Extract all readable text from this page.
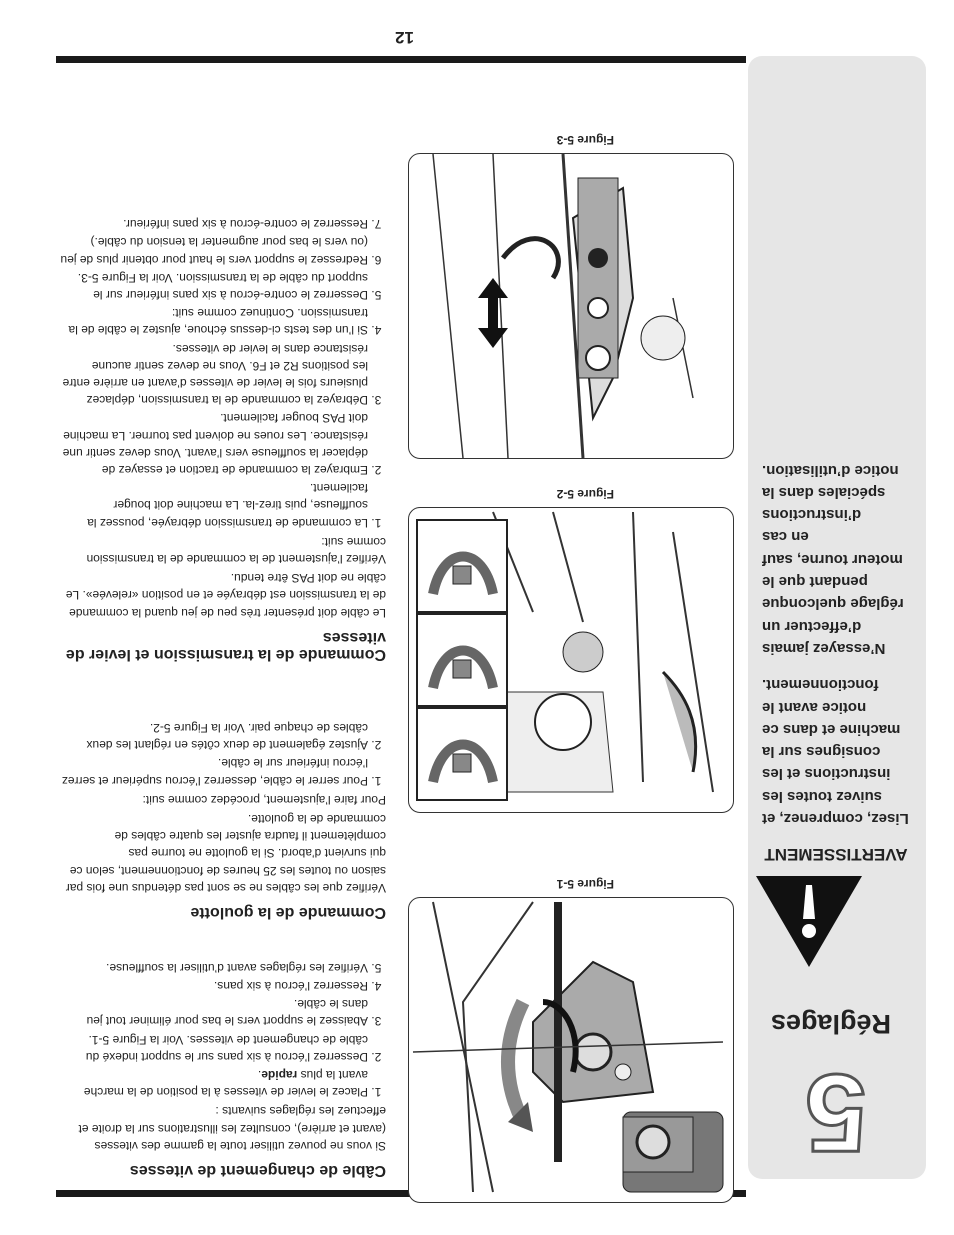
5
Réglages
AVERTISSEMENT

Lisez, comprenez, et suivez toutes les instructions et les consignes sur la machine et dans ce notice avant le fonctionnement.

N’essayez jamais d’effectuer un réglage quelconque pendant que le moteur tourne, sauf en cas d’instructions spéciales dans la notice d’utilisation.

Figure 5-1
Figure 5-2
Figure 5-3
Câble de changement de vitesses

Si vous ne pouvez utiliser toute la gamme des vitesses (avant et arrière), consultez les illustrations sur la droite et effectuez les réglages suivants :

1. Placez le levier de vitesses à la position de la marche avant la plus rapide.
2. Desserrez l’écrou à six pans sur le support indexé du câble de changement de vitesses. Voir la Figure 5-1.
3. Abaissez le support vers le bas pour éliminer tout jeu dans le câble.
4. Resserrez l’écrou à six pans.
5. Vérifiez les réglages avant d’utiliser la souffleuse.
Commande de la goulotte

Vérifiez que les câbles ne se sont pas détendus une fois par saison ou toutes les 25 heures de fonctionnement, selon ce qui survient d’abord. Si la goulotte ne tourne pas complètement il faudra ajuster les quatre câbles de commande de la goulotte.

Pour faire l’ajustement, procédez comme suit:

1. Pour serrer le câble, desserrez l’écrou supérieur et serrez l’écrou inférieur sur le câble.
2. Ajustez également de deux côtés en réglant les deux câbles de chaque pair. Voir la Figure 5-2.
Commande de la transmission et levier de vitesses

Le câble doit présenter très peu de jeu quand la commande de la transmission est débrayée et en position «relevée». Le câble ne doit PAS être tendu.

Vérifiez l’ajustement de la commande de la transmission comme suit:

1. La commande de transmission débrayée, poussez la souffleuse, puis tirez-la. La machine doit bouger facilement.
2. Embrayez la commande de traction et essayez de déplacer la souffleuse vers l’avant. Vous devez sentir une résistance. Les roues ne doivent pas tourner. La machine doit PAS bouger facilement.
3. Débrayez la commande de la transmission, déplacez plusieurs fois le levier de vitesses d’avant en arrière entre les positions R2 et F6. Vous ne devez sentir aucune résistance dans le levier de vitesses.
4. Si l’un des tests ci-dessus échoue, ajustez le câble de la transmission. Continuez comme suit:
5. Desserrez le contre-écrou à six pans inférieur sur le support du câble de la transmission. Voir la Figure 5-3.
6. Redressez le support vers le haut pour obtenir plus de jeu (ou vers le bas pour augmenter la tension du câble.)
7. Resserrez le contre-écrou à six pans inférieur.
12
